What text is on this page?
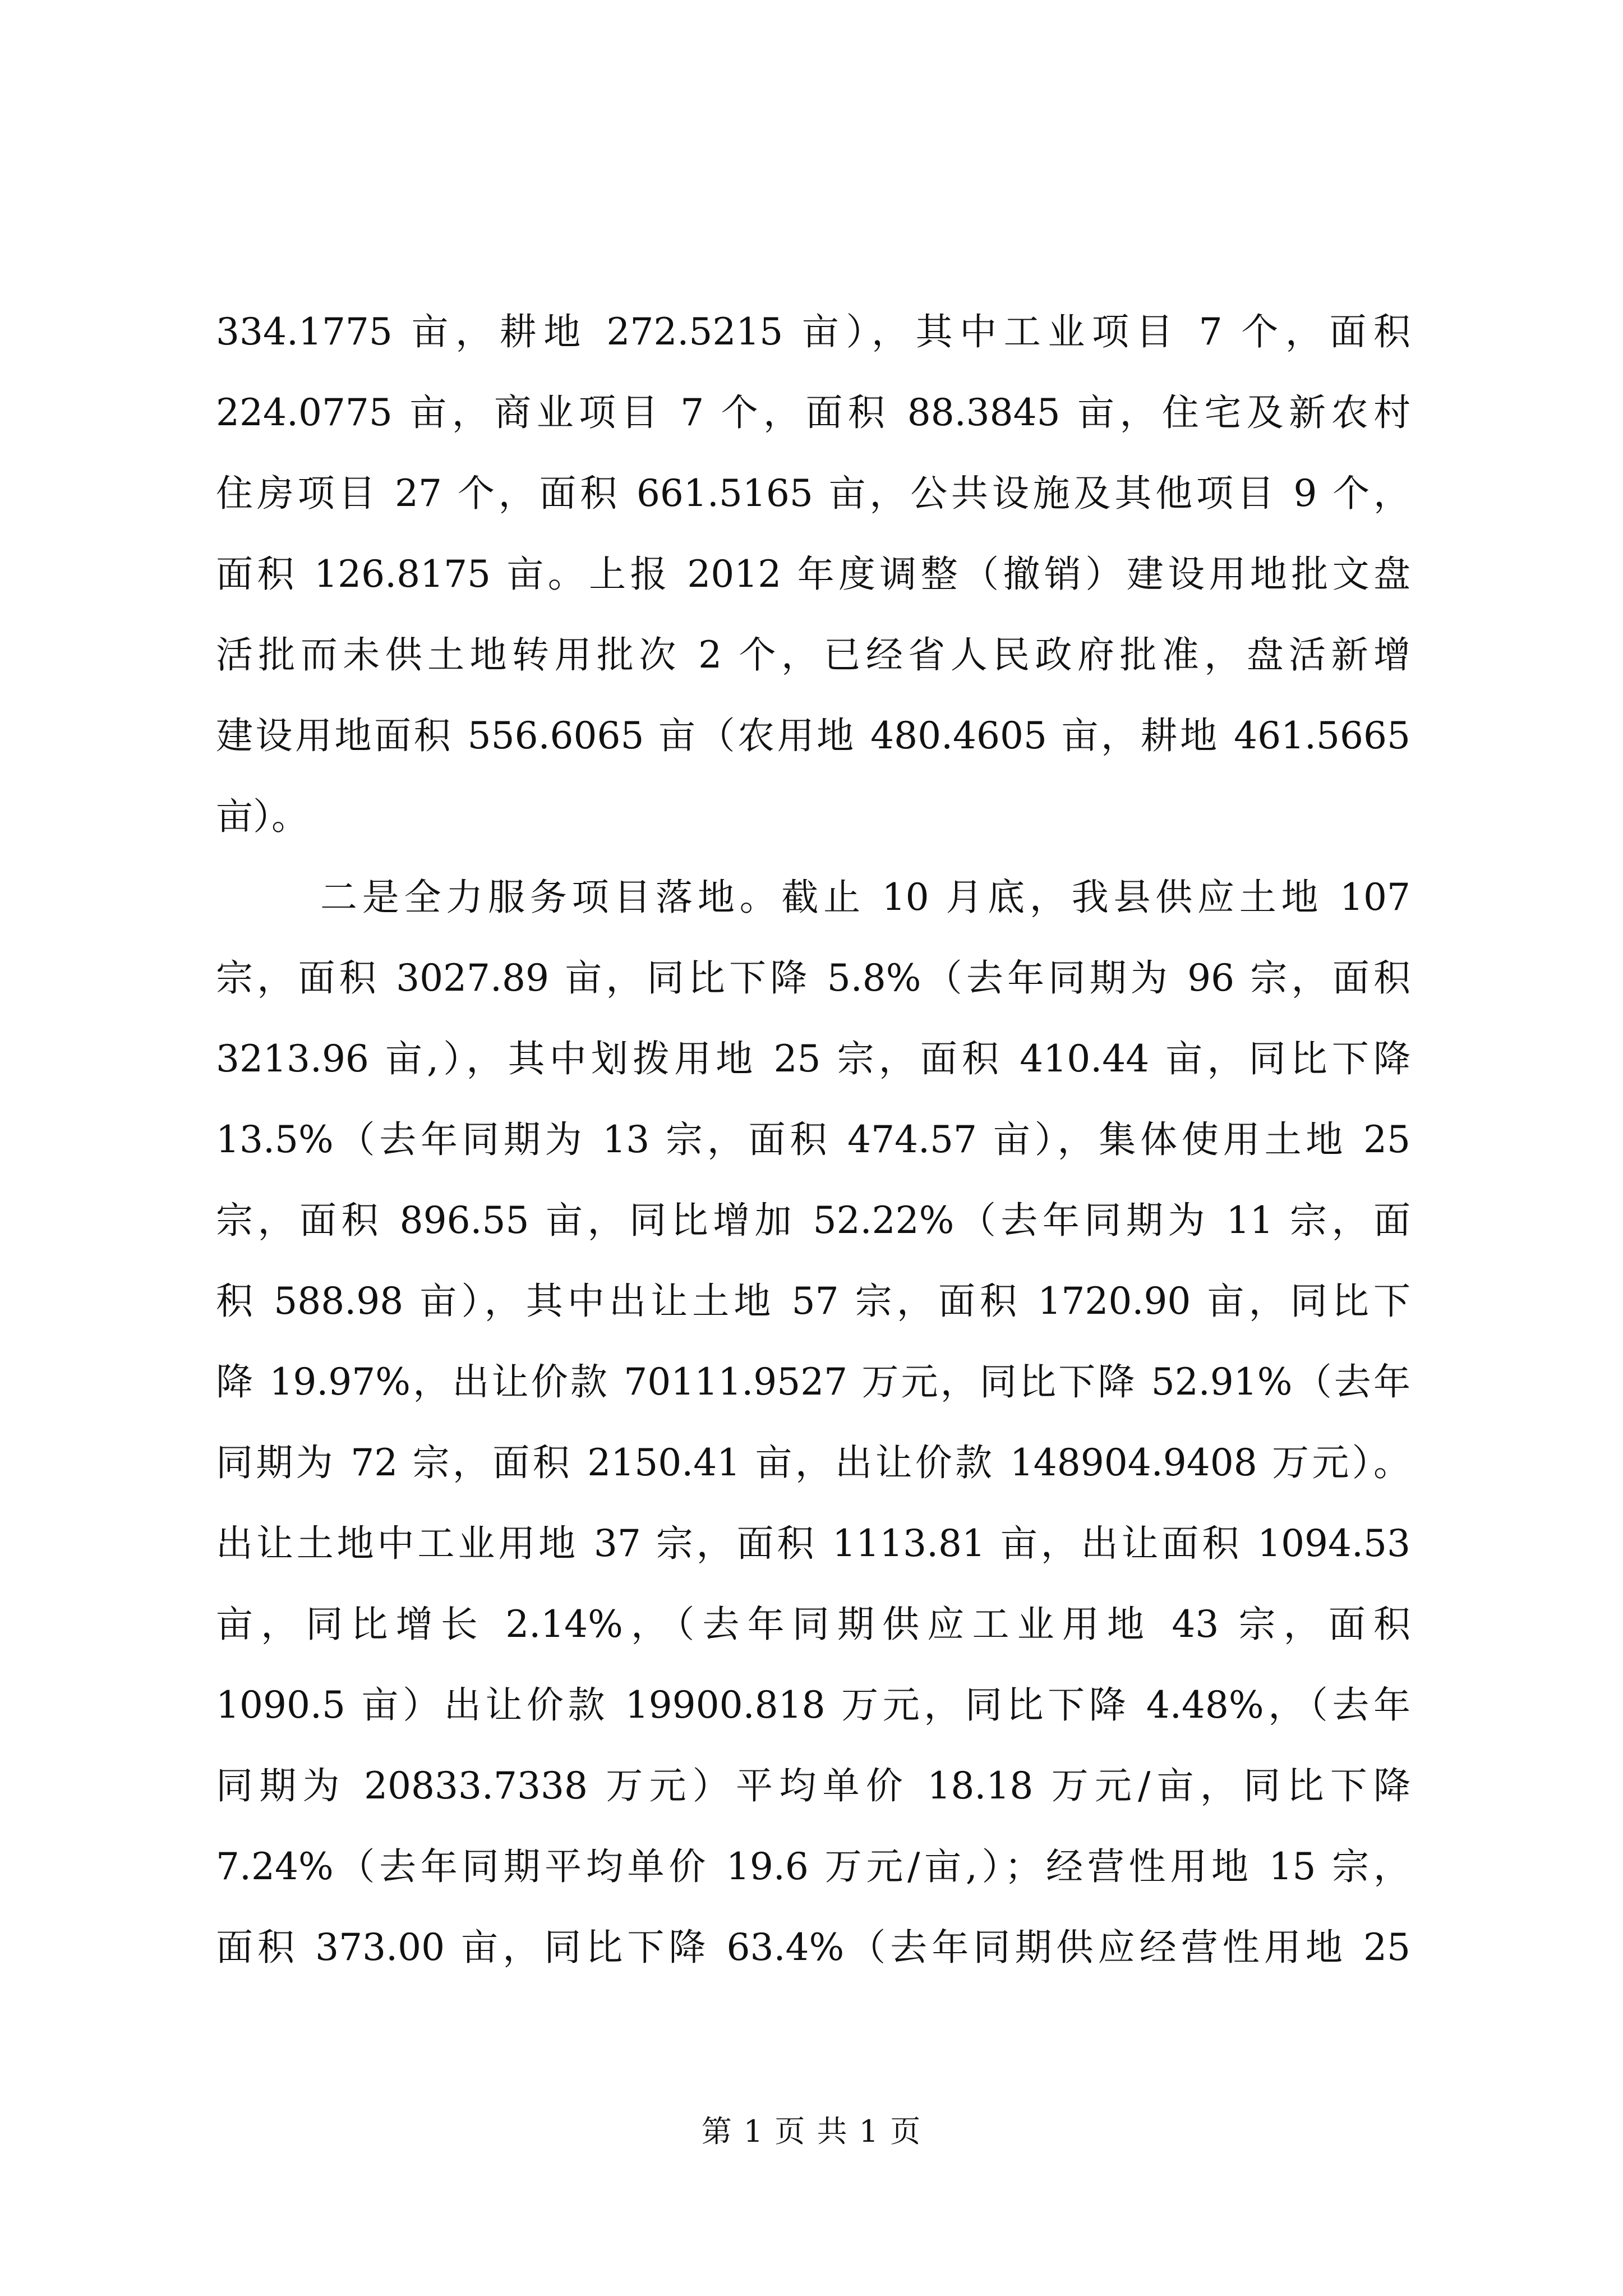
334.1775 亩，耕地 272.5215 亩），其中工业项目 7 个，面积
224.0775 亩，商业项目 7 个，面积 88.3845 亩，住宅及新农村
住房项目 27 个，面积 661.5165 亩，公共设施及其他项目 9 个，
面积 126.8175 亩。上报 2012 年度调整（撤销）建设用地批文盘
活批而未供土地转用批次 2 个，已经省人民政府批准，盘活新增
建设用地面积 556.6065 亩（农用地 480.4605 亩，耕地 461.5665
亩）。
二是全力服务项目落地。截止 10 月底，我县供应土地 107
宗，面积 3027.89 亩，同比下降 5.8%（去年同期为 96 宗，面积
3213.96 亩,），其中划拨用地 25 宗，面积 410.44 亩，同比下降
13.5%（去年同期为 13 宗，面积 474.57 亩），集体使用土地 25
宗，面积 896.55 亩，同比增加 52.22%（去年同期为 11 宗，面
积 588.98 亩），其中出让土地 57 宗，面积 1720.90 亩，同比下
降 19.97%，出让价款 70111.9527 万元，同比下降 52.91%（去年
同期为 72 宗，面积 2150.41 亩，出让价款 148904.9408 万元）。
出让土地中工业用地 37 宗，面积 1113.81 亩，出让面积 1094.53
亩，同比增长 2.14%，（去年同期供应工业用地 43 宗，面积
1090.5 亩）出让价款 19900.818 万元，同比下降 4.48%，（去年
同期为 20833.7338 万元）平均单价 18.18 万元/亩，同比下降
7.24%（去年同期平均单价 19.6 万元/亩,）；经营性用地 15 宗，
面积 373.00 亩，同比下降 63.4%（去年同期供应经营性用地 25
第 1 页 共 1 页
